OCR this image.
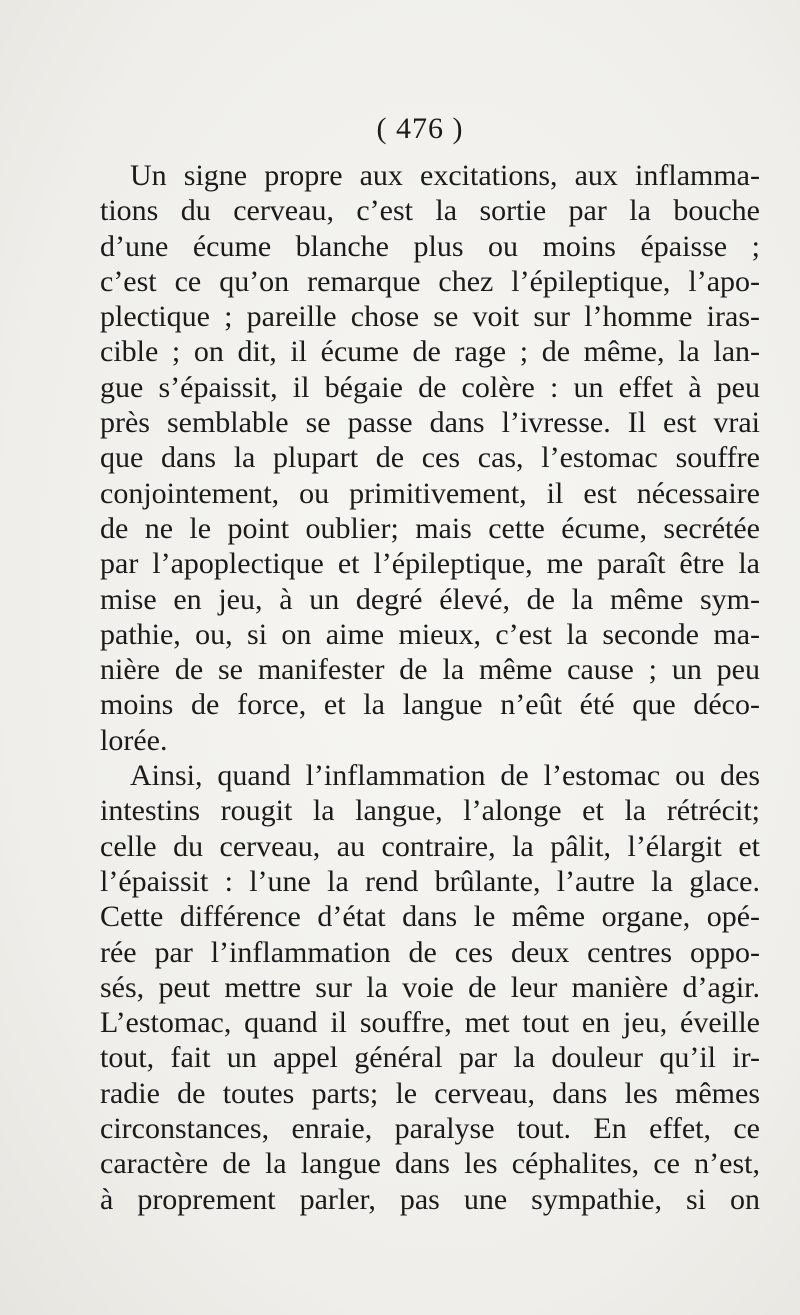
( 476 )
Un signe propre aux excitations, aux inflamma-
tions du cerveau, c’est la sortie par la bouche
d’une écume blanche plus ou moins épaisse ;
c’est ce qu’on remarque chez l’épileptique, l’apo-
plectique ; pareille chose se voit sur l’homme iras-
cible ; on dit, il écume de rage ; de même, la lan-
gue s’épaissit, il bégaie de colère : un effet à peu
près semblable se passe dans l’ivresse. Il est vrai
que dans la plupart de ces cas, l’estomac souffre
conjointement, ou primitivement, il est nécessaire
de ne le point oublier; mais cette écume, secrétée
par l’apoplectique et l’épileptique, me paraît être la
mise en jeu, à un degré élevé, de la même sym-
pathie, ou, si on aime mieux, c’est la seconde ma-
nière de se manifester de la même cause ; un peu
moins de force, et la langue n’eût été que déco-
lorée.
Ainsi, quand l’inflammation de l’estomac ou des
intestins rougit la langue, l’alonge et la rétrécit;
celle du cerveau, au contraire, la pâlit, l’élargit et
l’épaissit : l’une la rend brûlante, l’autre la glace.
Cette différence d’état dans le même organe, opé-
rée par l’inflammation de ces deux centres oppo-
sés, peut mettre sur la voie de leur manière d’agir.
L’estomac, quand il souffre, met tout en jeu, éveille
tout, fait un appel général par la douleur qu’il ir-
radie de toutes parts; le cerveau, dans les mêmes
circonstances, enraie, paralyse tout. En effet, ce
caractère de la langue dans les céphalites, ce n’est,
à proprement parler, pas une sympathie, si on
